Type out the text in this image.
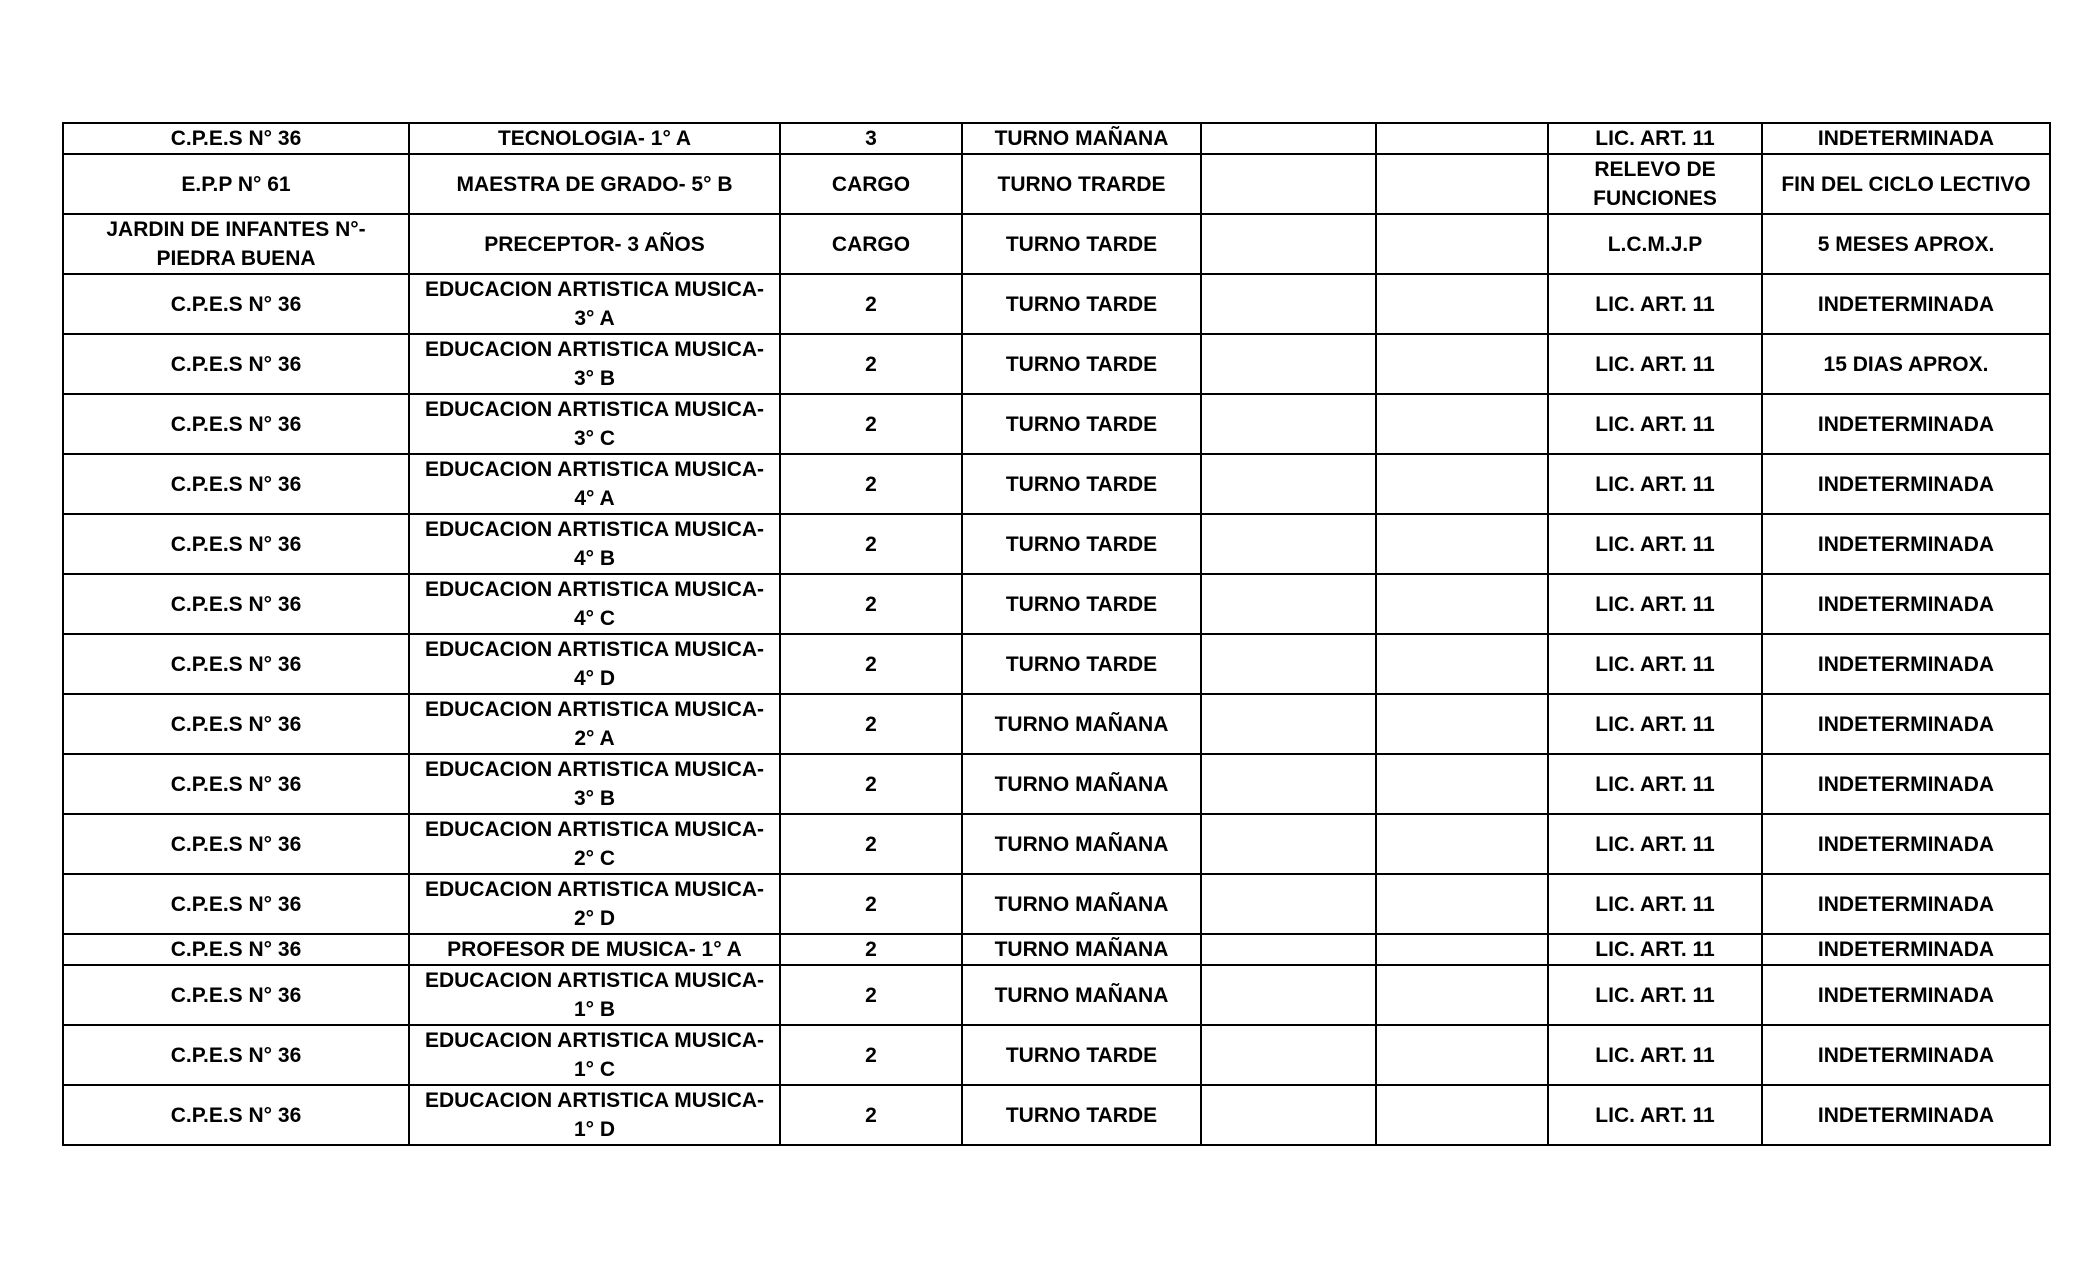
C.P.E.S N° 36	TECNOLOGIA- 1° A	3	TURNO MAÑANA			LIC. ART. 11	INDETERMINADA
E.P.P N° 61	MAESTRA DE GRADO- 5° B	CARGO	TURNO TRARDE			RELEVO DE FUNCIONES	FIN DEL CICLO LECTIVO
JARDIN DE INFANTES N°- PIEDRA BUENA	PRECEPTOR- 3 AÑOS	CARGO	TURNO TARDE			L.C.M.J.P	5 MESES APROX.
C.P.E.S N° 36	EDUCACION ARTISTICA MUSICA- 3° A	2	TURNO TARDE			LIC. ART. 11	INDETERMINADA
C.P.E.S N° 36	EDUCACION ARTISTICA MUSICA- 3° B	2	TURNO TARDE			LIC. ART. 11	15 DIAS APROX.
C.P.E.S N° 36	EDUCACION ARTISTICA MUSICA- 3° C	2	TURNO TARDE			LIC. ART. 11	INDETERMINADA
C.P.E.S N° 36	EDUCACION ARTISTICA MUSICA- 4° A	2	TURNO TARDE			LIC. ART. 11	INDETERMINADA
C.P.E.S N° 36	EDUCACION ARTISTICA MUSICA- 4° B	2	TURNO TARDE			LIC. ART. 11	INDETERMINADA
C.P.E.S N° 36	EDUCACION ARTISTICA MUSICA- 4° C	2	TURNO TARDE			LIC. ART. 11	INDETERMINADA
C.P.E.S N° 36	EDUCACION ARTISTICA MUSICA- 4° D	2	TURNO TARDE			LIC. ART. 11	INDETERMINADA
C.P.E.S N° 36	EDUCACION ARTISTICA MUSICA- 2° A	2	TURNO MAÑANA			LIC. ART. 11	INDETERMINADA
C.P.E.S N° 36	EDUCACION ARTISTICA MUSICA- 3° B	2	TURNO MAÑANA			LIC. ART. 11	INDETERMINADA
C.P.E.S N° 36	EDUCACION ARTISTICA MUSICA- 2° C	2	TURNO MAÑANA			LIC. ART. 11	INDETERMINADA
C.P.E.S N° 36	EDUCACION ARTISTICA MUSICA- 2° D	2	TURNO MAÑANA			LIC. ART. 11	INDETERMINADA
C.P.E.S N° 36	PROFESOR DE MUSICA- 1° A	2	TURNO MAÑANA			LIC. ART. 11	INDETERMINADA
C.P.E.S N° 36	EDUCACION ARTISTICA MUSICA- 1° B	2	TURNO MAÑANA			LIC. ART. 11	INDETERMINADA
C.P.E.S N° 36	EDUCACION ARTISTICA MUSICA- 1° C	2	TURNO TARDE			LIC. ART. 11	INDETERMINADA
C.P.E.S N° 36	EDUCACION ARTISTICA MUSICA- 1° D	2	TURNO TARDE			LIC. ART. 11	INDETERMINADA
